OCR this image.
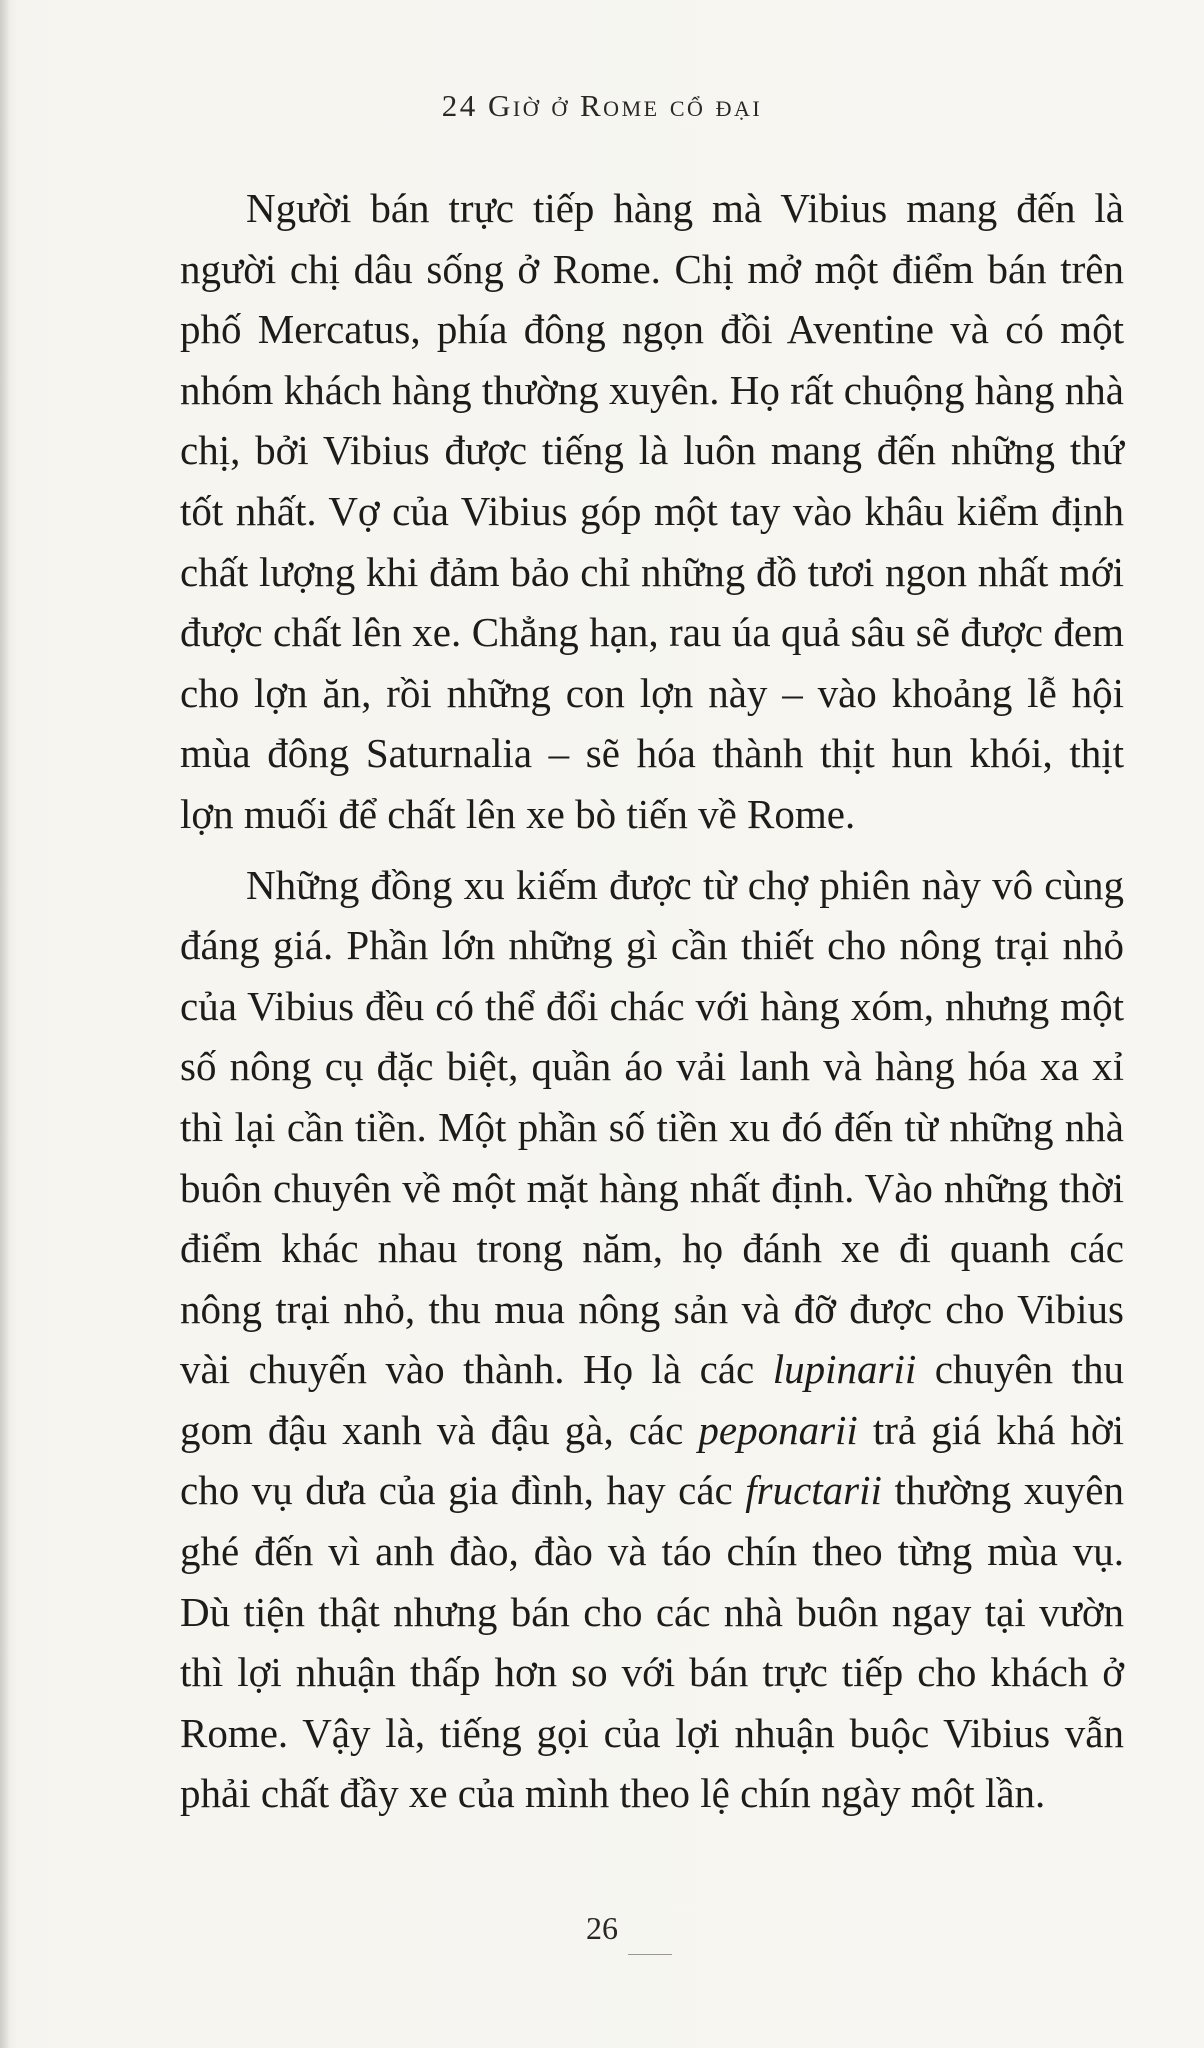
24 Giờ ở Rome cổ đại

Người bán trực tiếp hàng mà Vibius mang đến là người chị dâu sống ở Rome. Chị mở một điểm bán trên phố Mercatus, phía đông ngọn đồi Aventine và có một nhóm khách hàng thường xuyên. Họ rất chuộng hàng nhà chị, bởi Vibius được tiếng là luôn mang đến những thứ tốt nhất. Vợ của Vibius góp một tay vào khâu kiểm định chất lượng khi đảm bảo chỉ những đồ tươi ngon nhất mới được chất lên xe. Chẳng hạn, rau úa quả sâu sẽ được đem cho lợn ăn, rồi những con lợn này – vào khoảng lễ hội mùa đông Saturnalia – sẽ hóa thành thịt hun khói, thịt lợn muối để chất lên xe bò tiến về Rome.

Những đồng xu kiếm được từ chợ phiên này vô cùng đáng giá. Phần lớn những gì cần thiết cho nông trại nhỏ của Vibius đều có thể đổi chác với hàng xóm, nhưng một số nông cụ đặc biệt, quần áo vải lanh và hàng hóa xa xỉ thì lại cần tiền. Một phần số tiền xu đó đến từ những nhà buôn chuyên về một mặt hàng nhất định. Vào những thời điểm khác nhau trong năm, họ đánh xe đi quanh các nông trại nhỏ, thu mua nông sản và đỡ được cho Vibius vài chuyến vào thành. Họ là các lupinarii chuyên thu gom đậu xanh và đậu gà, các peponarii trả giá khá hời cho vụ dưa của gia đình, hay các fructarii thường xuyên ghé đến vì anh đào, đào và táo chín theo từng mùa vụ. Dù tiện thật nhưng bán cho các nhà buôn ngay tại vườn thì lợi nhuận thấp hơn so với bán trực tiếp cho khách ở Rome. Vậy là, tiếng gọi của lợi nhuận buộc Vibius vẫn phải chất đầy xe của mình theo lệ chín ngày một lần.

26
